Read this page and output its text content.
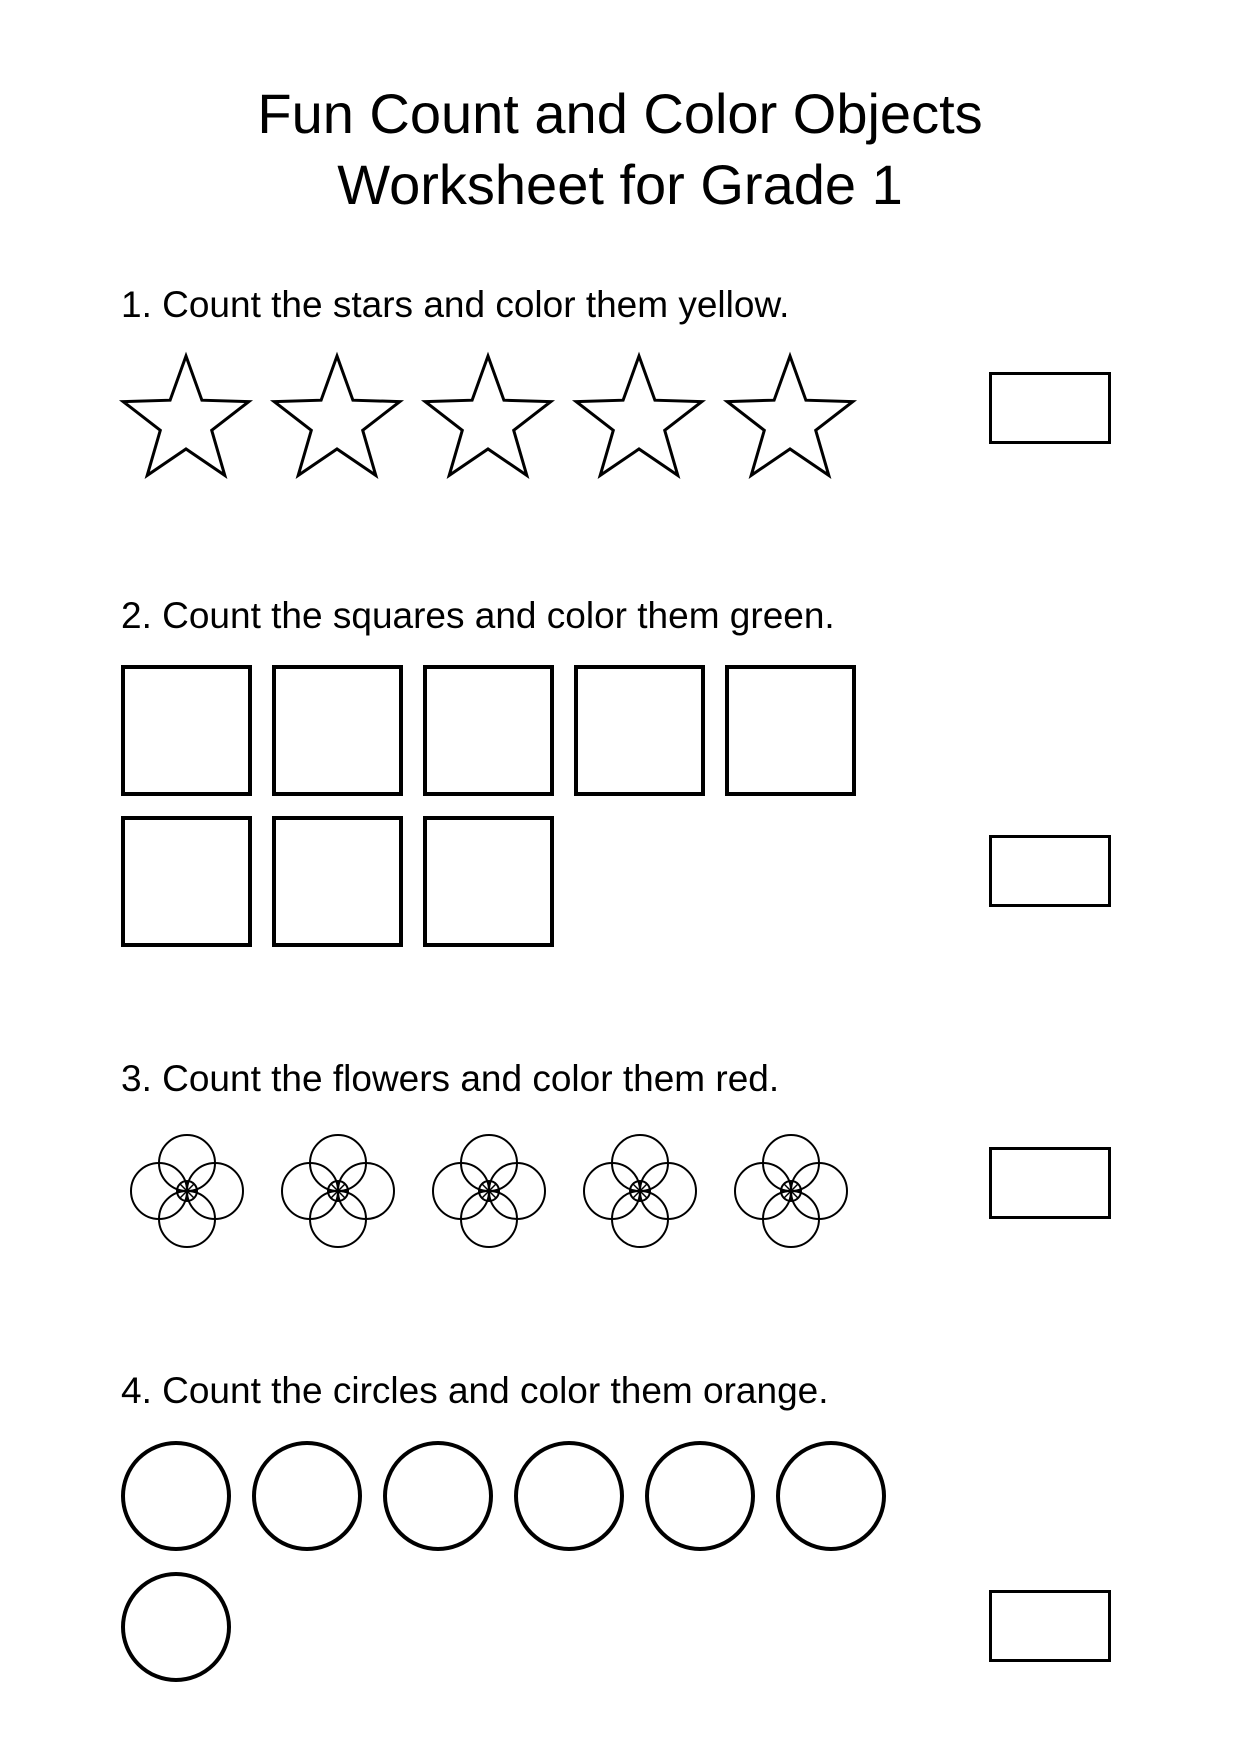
Fun Count and Color Objects
Worksheet for Grade 1

1. Count the stars and color them yellow.

2. Count the squares and color them green.

3. Count the flowers and color them red.

4. Count the circles and color them orange.
